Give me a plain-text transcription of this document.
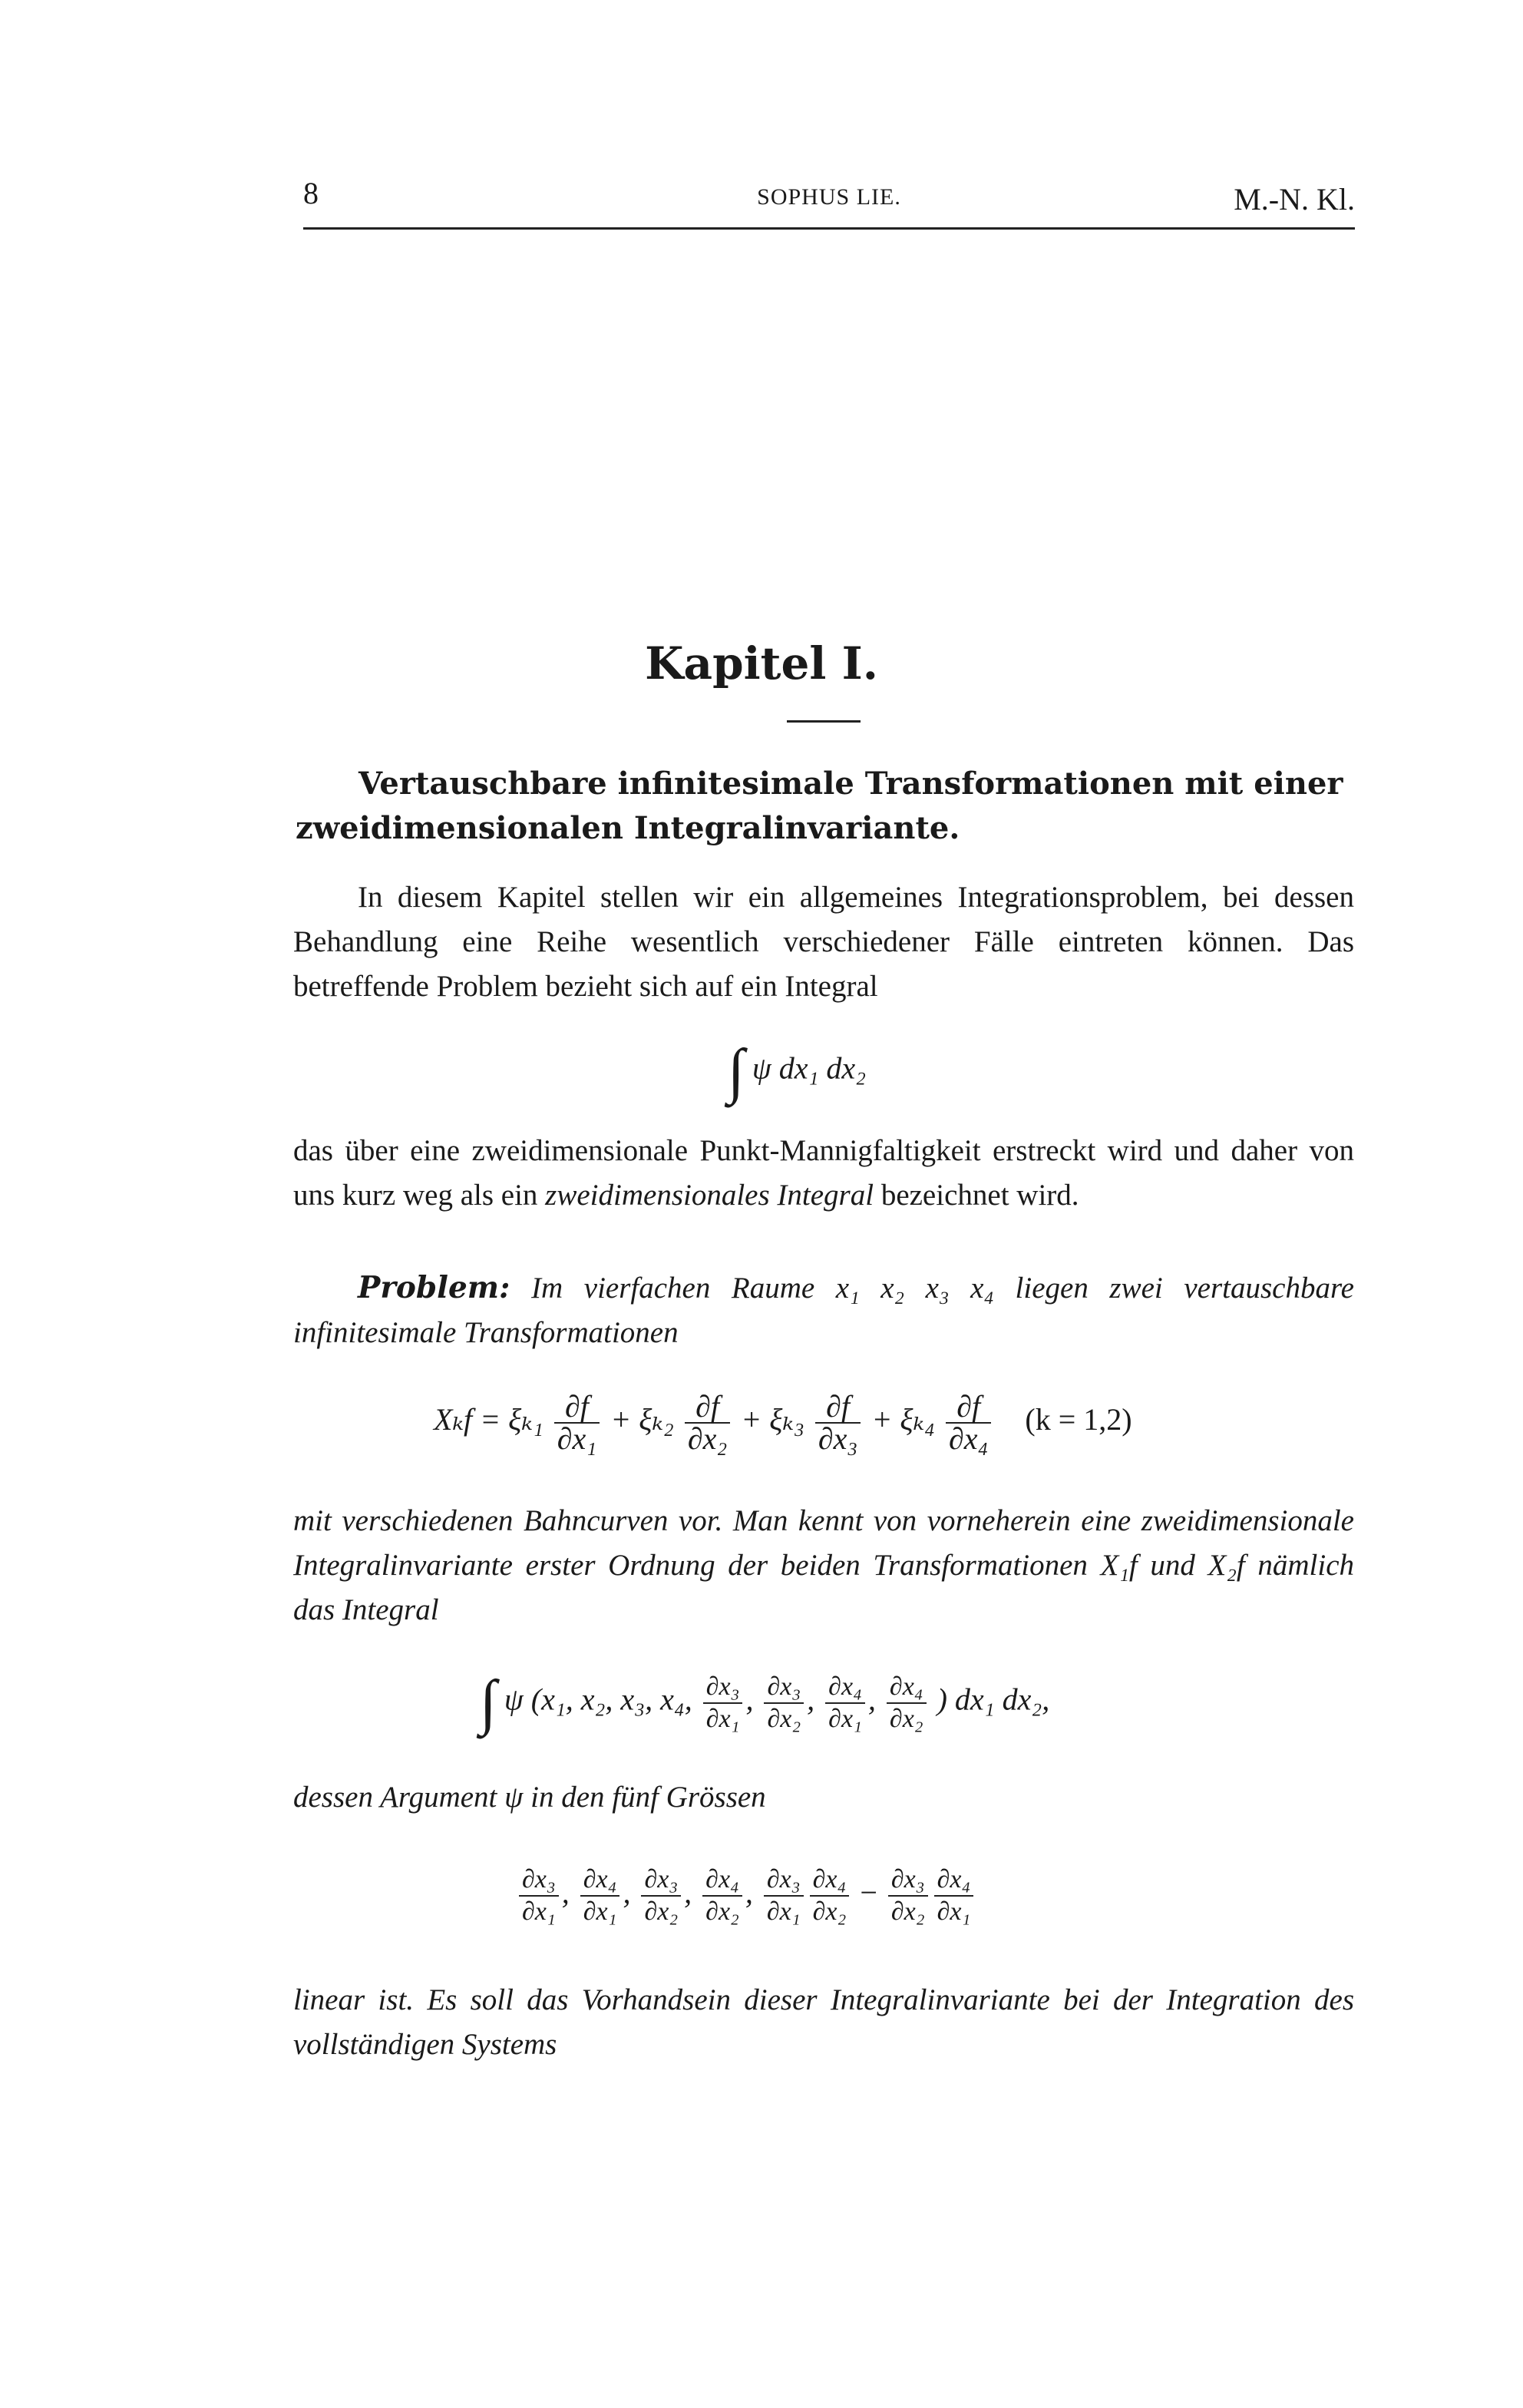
8	SOPHUS LIE.	M.-N. Kl.
Kapitel I.
Vertauschbare infinitesimale Transformationen mit einer
zweidimensionalen Integralinvariante.
In diesem Kapitel stellen wir ein allgemeines Integrationsproblem, bei dessen Behandlung eine Reihe wesentlich verschiedener Fälle eintreten können. Das betreffende Problem bezieht sich auf ein Integral
∫ ψ dx₁ dx₂
das über eine zweidimensionale Punkt-Mannigfaltigkeit erstreckt wird und daher von uns kurz weg als ein zweidimensionales Integral bezeichnet wird.
Problem: Im vierfachen Raume x₁ x₂ x₃ x₄ liegen zwei vertauschbare infinitesimale Transformationen
$X_kf = \xi_{k1} \frac{\partial f}{\text{∂x₁}} + \xi_{k2} \frac{\partial f}{\text{∂x₂}} + \xi_{k3} \frac{\partial f}{\text{∂x₃}} + \xi_{k4} \frac{\partial f}{\text{∂x₄}} (k = 1,2)$
mit verschiedenen Bahncurven vor. Man kennt von vorneherein eine zweidimensionale Integralinvariante erster Ordnung der beiden Transformationen X₁f und X₂f nämlich das Integral
∫ ψ (x₁, x₂, x₃, x₄, $\frac{\text{∂x₃}}{\text{∂x₁}}$ , $\frac{\text{∂x₃}}{\text{∂x₂}}$ , $\frac{\text{∂x₄}}{\text{∂x₁}}$ , $\frac{\text{∂x₄}}{\text{∂x₂}}$ ) dx₁ dx₂,
dessen Argument ψ in den fünf Grössen
$\frac{\text{∂x₃}}{\text{∂x₁}}$ , $\frac{\text{∂x₄}}{\text{∂x₁}}$ , $\frac{\text{∂x₃}}{\text{∂x₂}}$ , $\frac{\text{∂x₄}}{\text{∂x₂}}$ , $\frac{\text{∂x₃}}{\text{∂x₁}} \frac{\text{∂x₄}}{\text{∂x₂}} - \frac{\text{∂x₃}}{\text{∂x₂}} \frac{\text{∂x₄}}{\text{∂x₁}}$
linear ist. Es soll das Vorhandsein dieser Integralinvariante bei der Integration des vollständigen Systems
